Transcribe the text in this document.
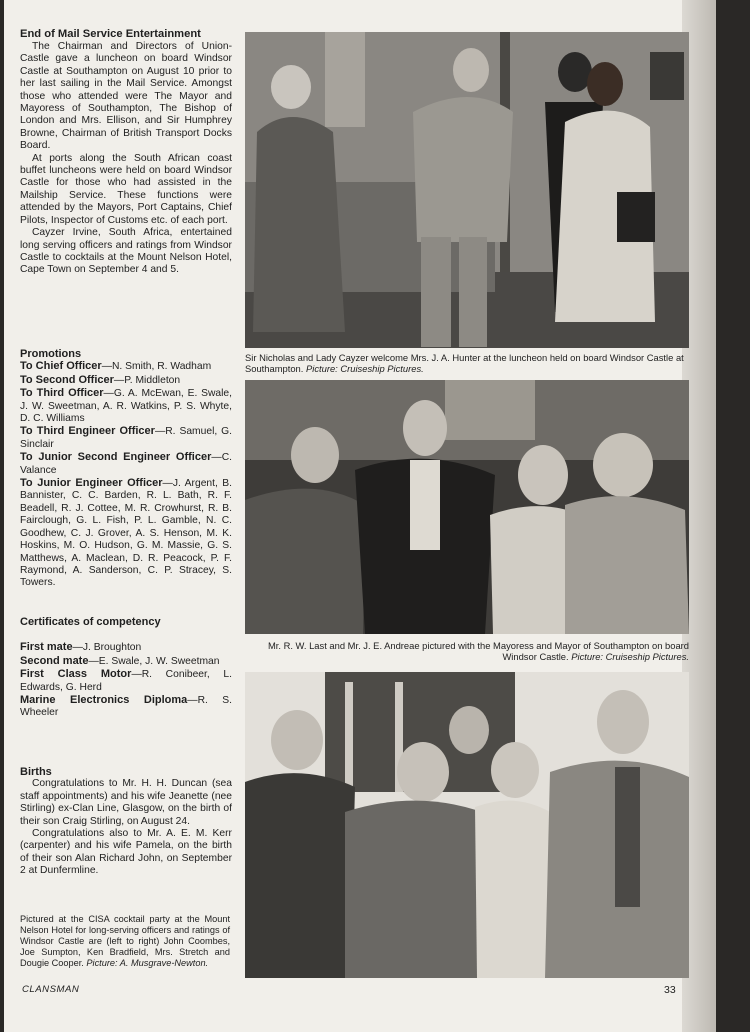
End of Mail Service Entertainment

The Chairman and Directors of Union-Castle gave a luncheon on board Windsor Castle at Southampton on August 10 prior to her last sailing in the Mail Service. Amongst those who attended were The Mayor and Mayoress of Southampton, The Bishop of London and Mrs. Ellison, and Sir Humphrey Browne, Chairman of British Transport Docks Board.

At ports along the South African coast buffet luncheons were held on board Windsor Castle for those who had assisted in the Mailship Service. These functions were attended by the Mayors, Port Captains, Chief Pilots, Inspector of Customs etc. of each port.

Cayzer Irvine, South Africa, entertained long serving officers and ratings from Windsor Castle to cocktails at the Mount Nelson Hotel, Cape Town on September 4 and 5.

Promotions

To Chief Officer—N. Smith, R. Wadham

To Second Officer—P. Middleton

To Third Officer—G. A. McEwan, E. Swale, J. W. Sweetman, A. R. Watkins, P. S. Whyte, D. C. Williams

To Third Engineer Officer—R. Samuel, G. Sinclair

To Junior Second Engineer Officer—C. Valance

To Junior Engineer Officer—J. Argent, B. Bannister, C. C. Barden, R. L. Bath, R. F. Beadell, R. J. Cottee, M. R. Crowhurst, R. B. Fairclough, G. L. Fish, P. L. Gamble, N. C. Goodhew, C. J. Grover, A. S. Henson, M. K. Hoskins, M. O. Hudson, G. M. Massie, G. S. Matthews, A. Maclean, D. R. Peacock, P. F. Raymond, A. Sanderson, C. P. Stracey, S. Towers.

Certificates of competency

First mate—J. Broughton

Second mate—E. Swale, J. W. Sweetman

First Class Motor—R. Conibeer, L. Edwards, G. Herd

Marine Electronics Diploma—R. S. Wheeler

Births

Congratulations to Mr. H. H. Duncan (sea staff appointments) and his wife Jeanette (nee Stirling) ex-Clan Line, Glasgow, on the birth of their son Craig Stirling, on August 24.

Congratulations also to Mr. A. E. M. Kerr (carpenter) and his wife Pamela, on the birth of their son Alan Richard John, on September 2 at Dunfermline.

Pictured at the CISA cocktail party at the Mount Nelson Hotel for long-serving officers and ratings of Windsor Castle are (left to right) John Coombes, Joe Sumpton, Ken Bradfield, Mrs. Stretch and Dougie Cooper. Picture: A. Musgrave-Newton.

Sir Nicholas and Lady Cayzer welcome Mrs. J. A. Hunter at the luncheon held on board Windsor Castle at Southampton. Picture: Cruiseship Pictures.
Mr. R. W. Last and Mr. J. E. Andreae pictured with the Mayoress and Mayor of Southampton on board Windsor Castle. Picture: Cruiseship Pictures.
CLANSMAN	33
